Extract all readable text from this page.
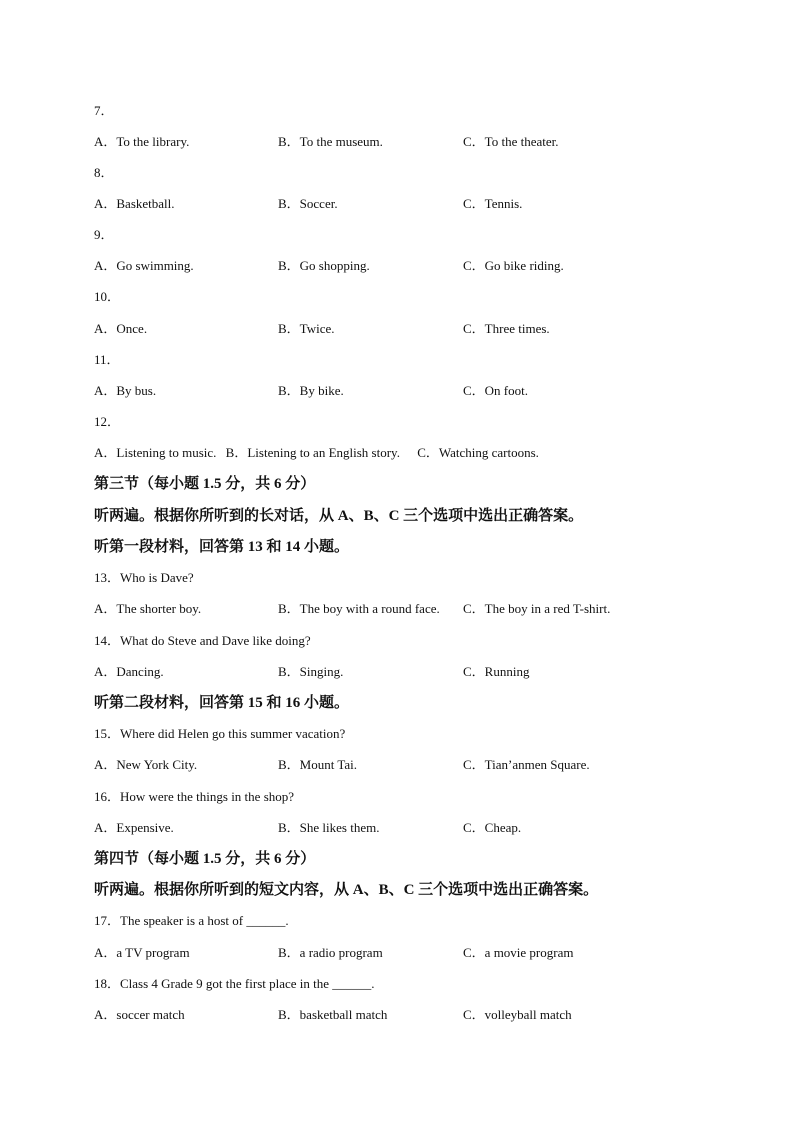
7．
A．To the library.	B．To the museum.	C．To the theater.
8．
A．Basketball.	B．Soccer.	C．Tennis.
9．
A．Go swimming.	B．Go shopping.	C．Go bike riding.
10．
A．Once.	B．Twice.	C．Three times.
11．
A．By bus.	B．By bike.	C．On foot.
12．
A．Listening to music. B．Listening to an English story. C．Watching cartoons.
第三节（每小题 1.5 分，共 6 分）
听两遍。根据你所听到的长对话，从 A、B、C 三个选项中选出正确答案。
听第一段材料，回答第 13 和 14 小题。
13．Who is Dave?
A．The shorter boy.	B．The boy with a round face. C．The boy in a red T-shirt.
14．What do Steve and Dave like doing?
A．Dancing.	B．Singing.	C．Running
听第二段材料，回答第 15 和 16 小题。
15．Where did Helen go this summer vacation?
A．New York City.	B．Mount Tai.	C．Tian’anmen Square.
16．How were the things in the shop?
A．Expensive.	B．She likes them.	C．Cheap.
第四节（每小题 1.5 分，共 6 分）
听两遍。根据你所听到的短文内容，从 A、B、C 三个选项中选出正确答案。
17．The speaker is a host of ______.
A．a TV program	B．a radio program	C．a movie program
18．Class 4 Grade 9 got the first place in the ______.
A．soccer match	B．basketball match	C．volleyball match
